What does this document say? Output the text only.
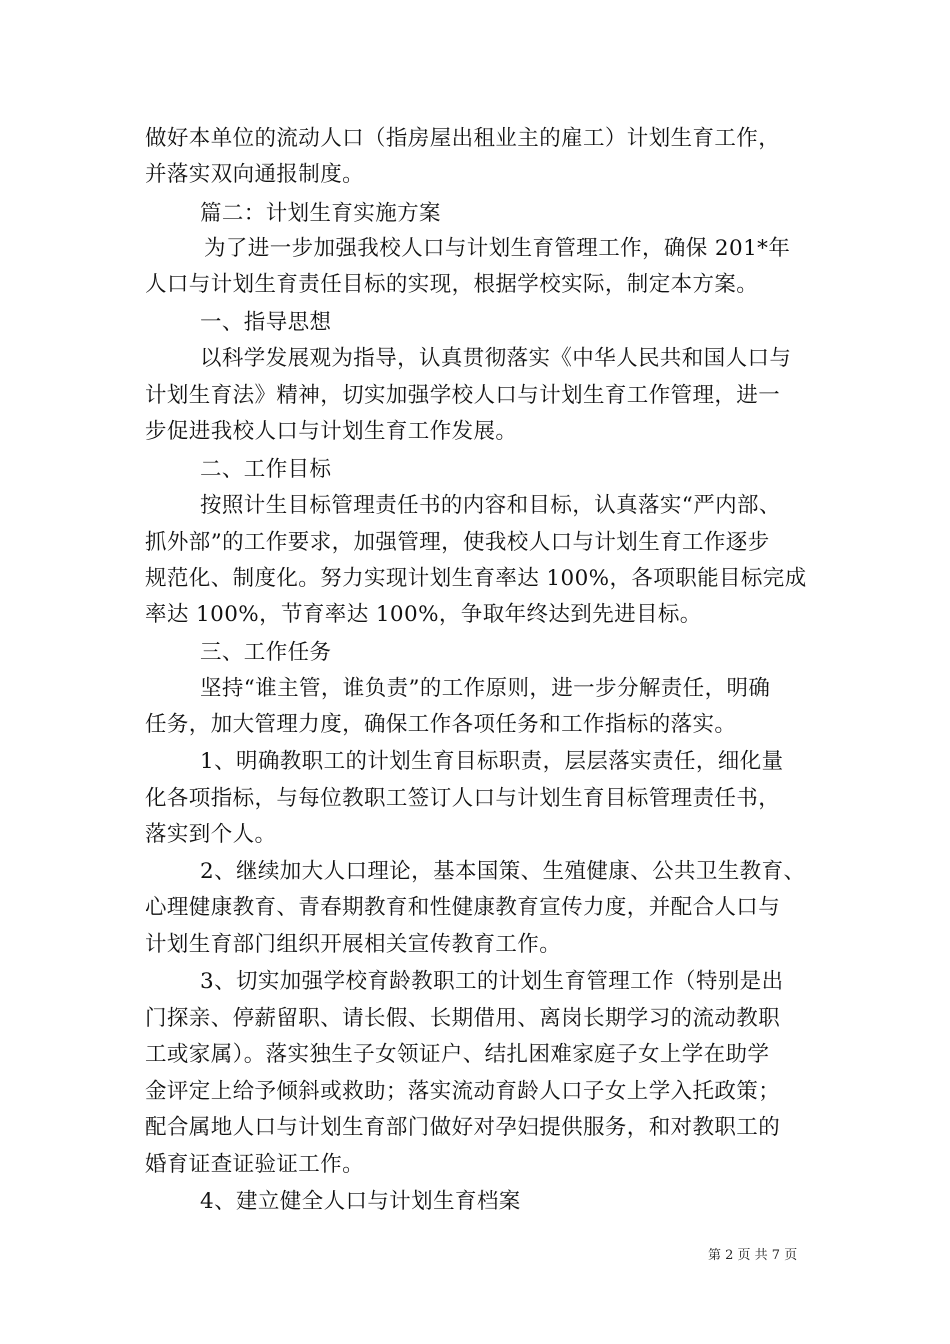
做好本单位的流动人口（指房屋出租业主的雇工）计划生育工作，
并落实双向通报制度。
篇二：计划生育实施方案
为了进一步加强我校人口与计划生育管理工作，确保 201*年
人口与计划生育责任目标的实现，根据学校实际，制定本方案。
一、指导思想
以科学发展观为指导，认真贯彻落实《中华人民共和国人口与
计划生育法》精神，切实加强学校人口与计划生育工作管理，进一
步促进我校人口与计划生育工作发展。
二、工作目标
按照计生目标管理责任书的内容和目标，认真落实“严内部、
抓外部”的工作要求，加强管理，使我校人口与计划生育工作逐步
规范化、制度化。努力实现计划生育率达 100%，各项职能目标完成
率达 100%，节育率达 100%，争取年终达到先进目标。
三、工作任务
坚持“谁主管，谁负责”的工作原则，进一步分解责任，明确
任务，加大管理力度，确保工作各项任务和工作指标的落实。
1、明确教职工的计划生育目标职责，层层落实责任，细化量
化各项指标，与每位教职工签订人口与计划生育目标管理责任书，
落实到个人。
2、继续加大人口理论，基本国策、生殖健康、公共卫生教育、
心理健康教育、青春期教育和性健康教育宣传力度，并配合人口与
计划生育部门组织开展相关宣传教育工作。
3、切实加强学校育龄教职工的计划生育管理工作（特别是出
门探亲、停薪留职、请长假、长期借用、离岗长期学习的流动教职
工或家属）。落实独生子女领证户、结扎困难家庭子女上学在助学
金评定上给予倾斜或救助；落实流动育龄人口子女上学入托政策；
配合属地人口与计划生育部门做好对孕妇提供服务，和对教职工的
婚育证查证验证工作。
4、建立健全人口与计划生育档案
第 2 页 共 7 页
